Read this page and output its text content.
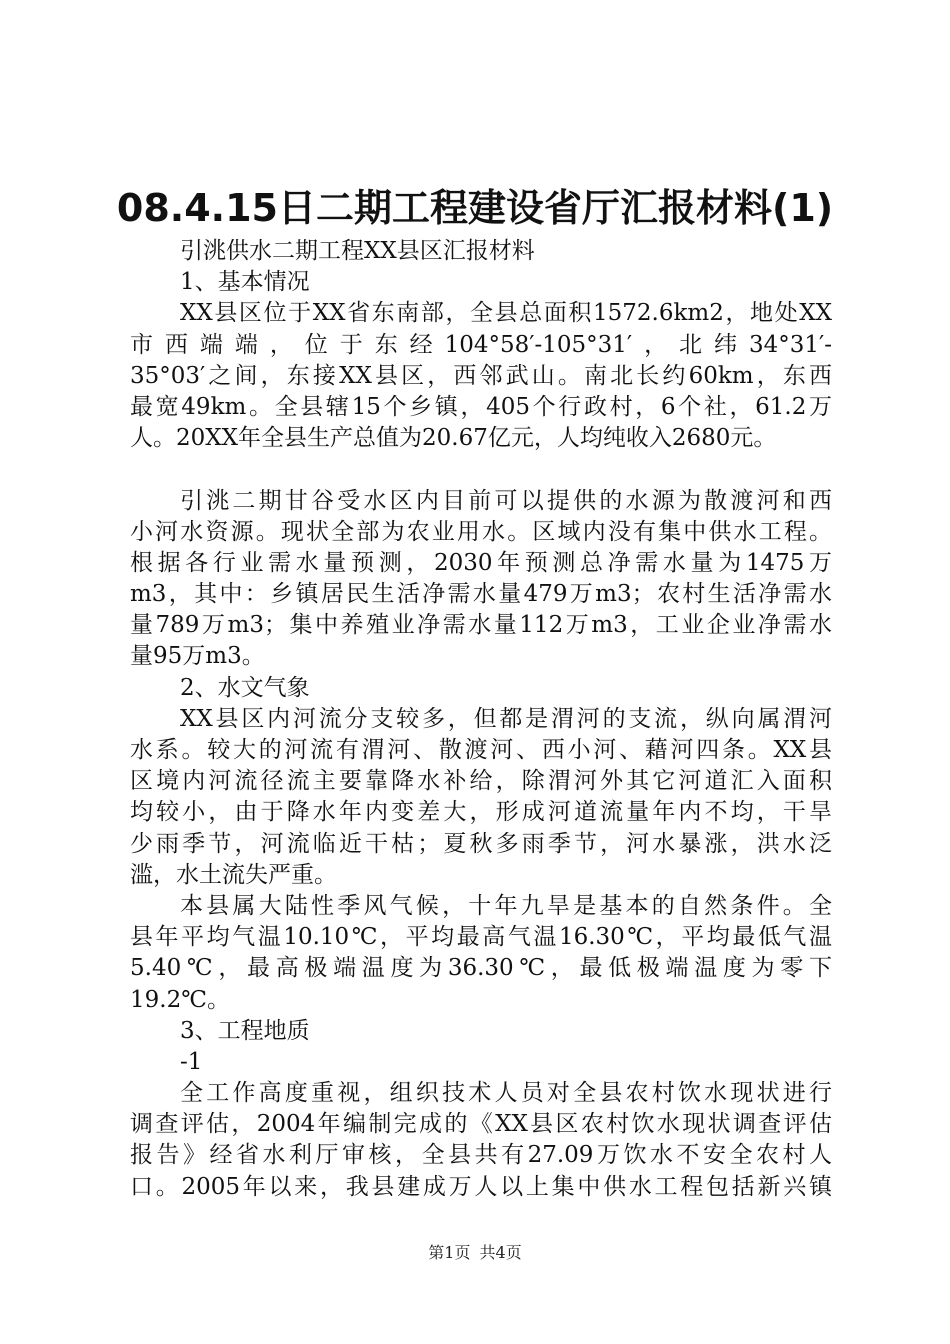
08.4.15日二期工程建设省厅汇报材料(1)
引洮供水二期工程XX县区汇报材料
1、基本情况
XX县区位于XX省东南部，全县总面积1572.6km2，地处XX
市西端端，位于东经104°58′-105°31′，北纬34°31′-
35°03′之间，东接XX县区，西邻武山。南北长约60km，东西
最宽49km。全县辖15个乡镇，405个行政村，6个社，61.2万
人。20XX年全县生产总值为20.67亿元，人均纯收入2680元。
引洮二期甘谷受水区内目前可以提供的水源为散渡河和西
小河水资源。现状全部为农业用水。区域内没有集中供水工程。
根据各行业需水量预测，2030年预测总净需水量为1475万
m3，其中：乡镇居民生活净需水量479万m3；农村生活净需水
量789万m3；集中养殖业净需水量112万m3，工业企业净需水
量95万m3。
2、水文气象
XX县区内河流分支较多，但都是渭河的支流，纵向属渭河
水系。较大的河流有渭河、散渡河、西小河、藉河四条。XX县
区境内河流径流主要靠降水补给，除渭河外其它河道汇入面积
均较小，由于降水年内变差大，形成河道流量年内不均，干旱
少雨季节，河流临近干枯；夏秋多雨季节，河水暴涨，洪水泛
滥，水土流失严重。
本县属大陆性季风气候，十年九旱是基本的自然条件。全
县年平均气温10.10℃，平均最高气温16.30℃，平均最低气温
5.40℃，最高极端温度为36.30℃，最低极端温度为零下
19.2℃。
3、工程地质
-1
全工作高度重视，组织技术人员对全县农村饮水现状进行
调查评估，2004年编制完成的《XX县区农村饮水现状调查评估
报告》经省水利厅审核，全县共有27.09万饮水不安全农村人
口。2005年以来，我县建成万人以上集中供水工程包括新兴镇
第1页 共4页
